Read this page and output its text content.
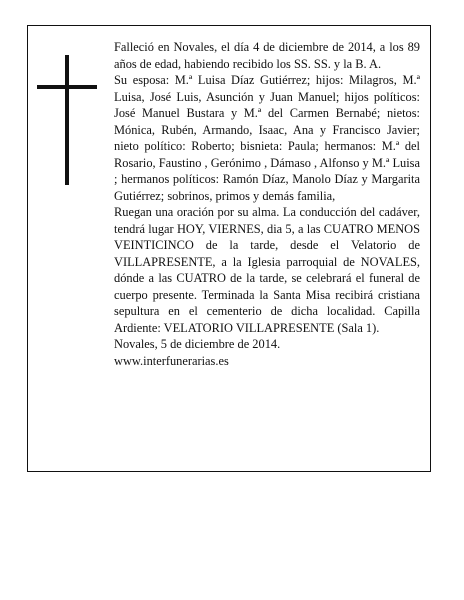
Falleció en Novales, el día 4 de diciembre de 2014, a los 89 años de edad, habiendo recibido los SS. SS. y la B. A.

Su esposa: M.ª Luisa Díaz Gutiérrez; hijos: Milagros, M.ª Luisa, José Luis, Asunción y Juan Manuel; hijos políticos: José Manuel Bustara y M.ª del Carmen Bernabé; nietos: Mónica, Rubén, Armando, Isaac, Ana y Francisco Javier; nieto político: Roberto; bisnieta: Paula; hermanos: M.ª del Rosario, Faustino , Gerónimo , Dámaso , Alfonso y M.ª Luisa ; hermanos políticos: Ramón Díaz, Manolo Díaz y Margarita Gutiérrez; sobrinos, primos y demás familia,

Ruegan una oración por su alma. La conducción del cadáver, tendrá lugar HOY, VIERNES, dia 5, a las CUATRO MENOS VEINTICINCO de la tarde, desde el Velatorio de VILLAPRESENTE, a la Iglesia parroquial de NOVALES, dónde a las CUATRO de la tarde, se celebrará el funeral de cuerpo presente. Terminada la Santa Misa recibirá cristiana sepultura en el cementerio de dicha localidad. Capilla Ardiente: VELATORIO VILLAPRESENTE (Sala 1).

Novales, 5 de diciembre de 2014.

www.interfunerarias.es
